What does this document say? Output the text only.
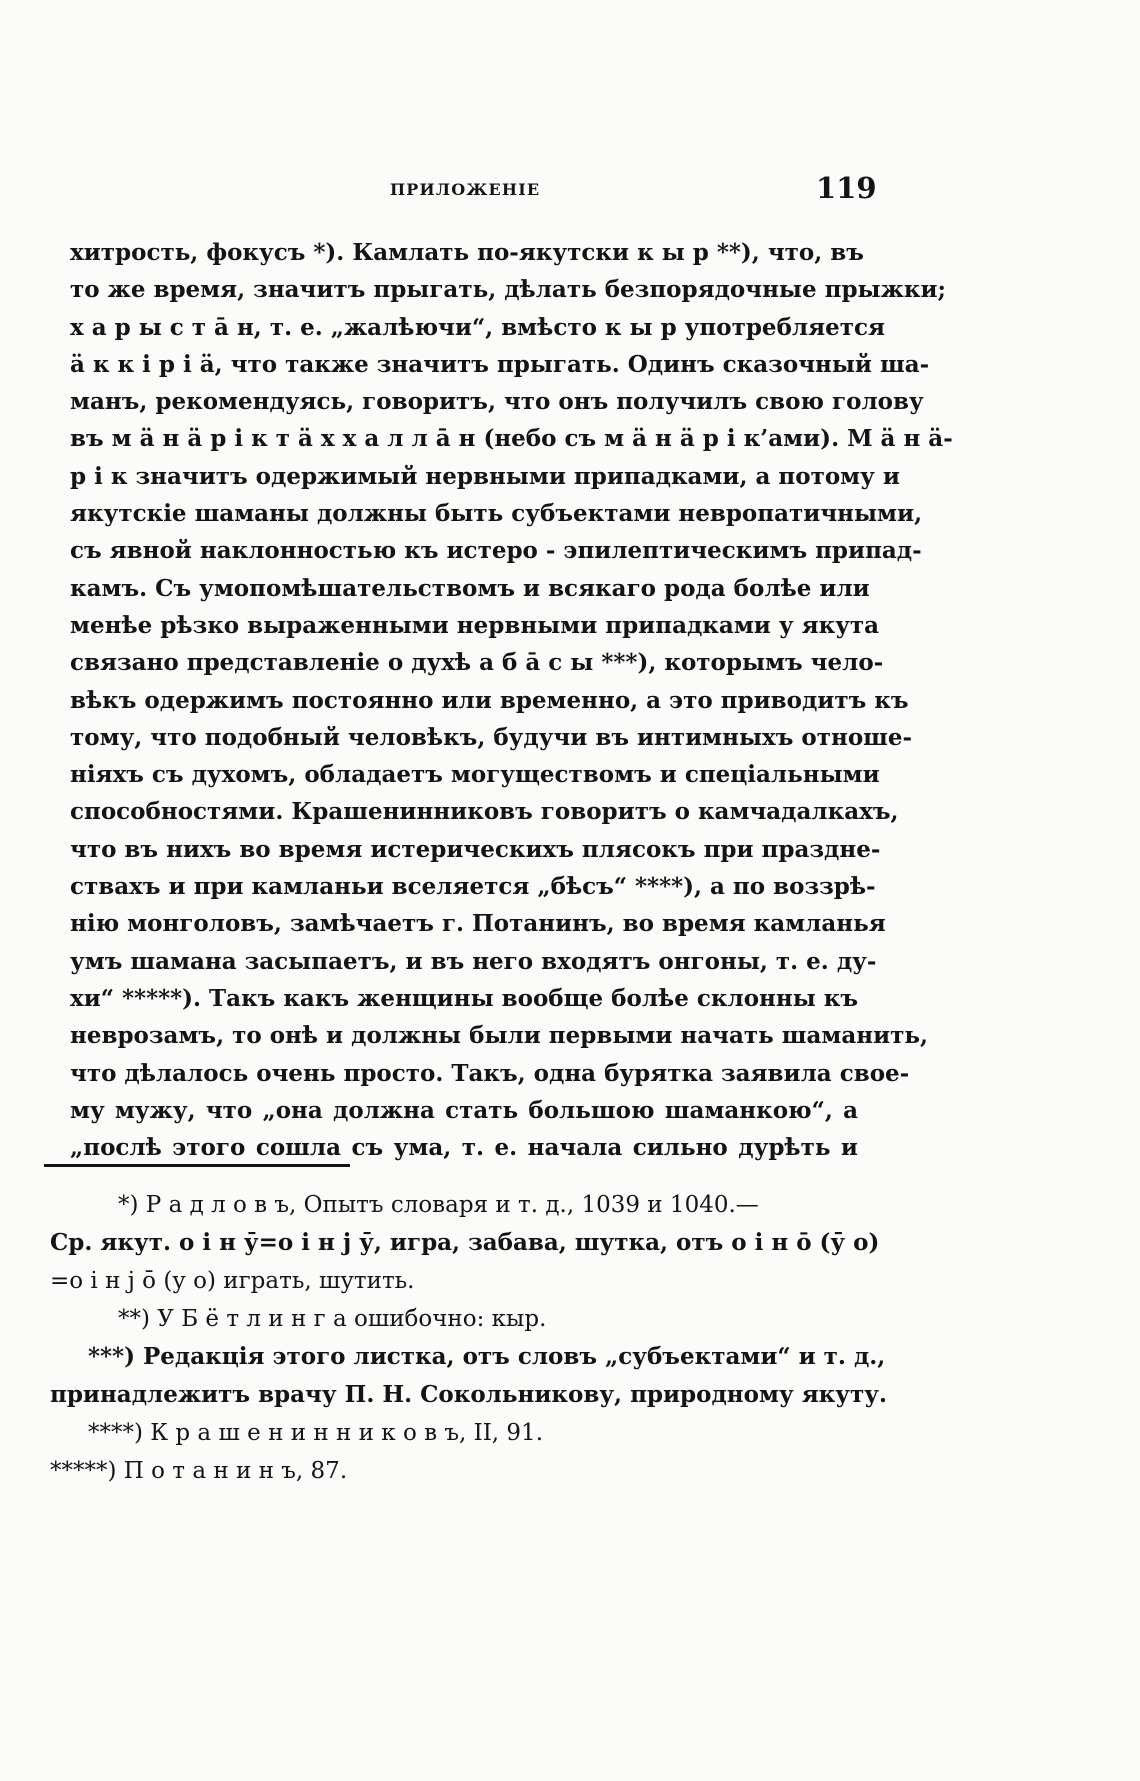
ПРИЛОЖЕНІЕ	119
хитрость, фокусъ *). Камлать по-якутски к ы р **), что, въ
то же время, значитъ прыгать, дѣлать безпорядочные прыжки;
х а р ы с т а̄ н, т. е. „жалѣючи“, вмѣсто к ы р употребляется
ä к к і р і ä, что также значитъ прыгать. Одинъ сказочный ша-
манъ, рекомендуясь, говоритъ, что онъ получилъ свою голову
въ м ä н ä р і к т ä х х а л л а̄ н (небо съ м ä н ä р і к’ами). М ä н ä-
р і к значитъ одержимый нервными припадками, а потому и
якутскіе шаманы должны быть субъектами невропатичными,
съ явной наклонностью къ истеро - эпилептическимъ припад-
камъ. Съ умопомѣшательствомъ и всякаго рода болѣе или
менѣе рѣзко выраженными нервными припадками у якута
связано представленіе о духѣ а б а̄ с ы ***), которымъ чело-
вѣкъ одержимъ постоянно или временно, а это приводитъ къ
тому, что подобный человѣкъ, будучи въ интимныхъ отноше-
ніяхъ съ духомъ, обладаетъ могуществомъ и спеціальными
способностями. Крашенинниковъ говоритъ о камчадалкахъ,
что въ нихъ во время истерическихъ плясокъ при праздне-
ствахъ и при камланьи вселяется „бѣсъ“ ****), а по воззрѣ-
нію монголовъ, замѣчаетъ г. Потанинъ, во время камланья
умъ шамана засыпаетъ, и въ него входятъ онгоны, т. е. ду-
хи“ *****). Такъ какъ женщины вообще болѣе склонны къ
неврозамъ, то онѣ и должны были первыми начать шаманить,
что дѣлалось очень просто. Такъ, одна бурятка заявила свое-
му мужу, что „она должна стать большою шаманкою“, а
„послѣ этого сошла съ ума, т. е. начала сильно дурѣть и
*) Р а д л о в ъ, Опытъ словаря и т. д., 1039 и 1040.—
Ср. якут. о і н ӯ=о і н ј ӯ, игра, забава, шутка, отъ о і н о̄ (ӯ о)
=о і н ј о̄ (у о) играть, шутить.
**) У Б ё т л и н г а ошибочно: кыр.
***) Редакція этого листка, отъ словъ „субъектами“ и т. д.,
принадлежитъ врачу П. Н. Сокольникову, природному якуту.
****) К р а ш е н и н н и к о в ъ, II, 91.
*****) П о т а н и н ъ, 87.
